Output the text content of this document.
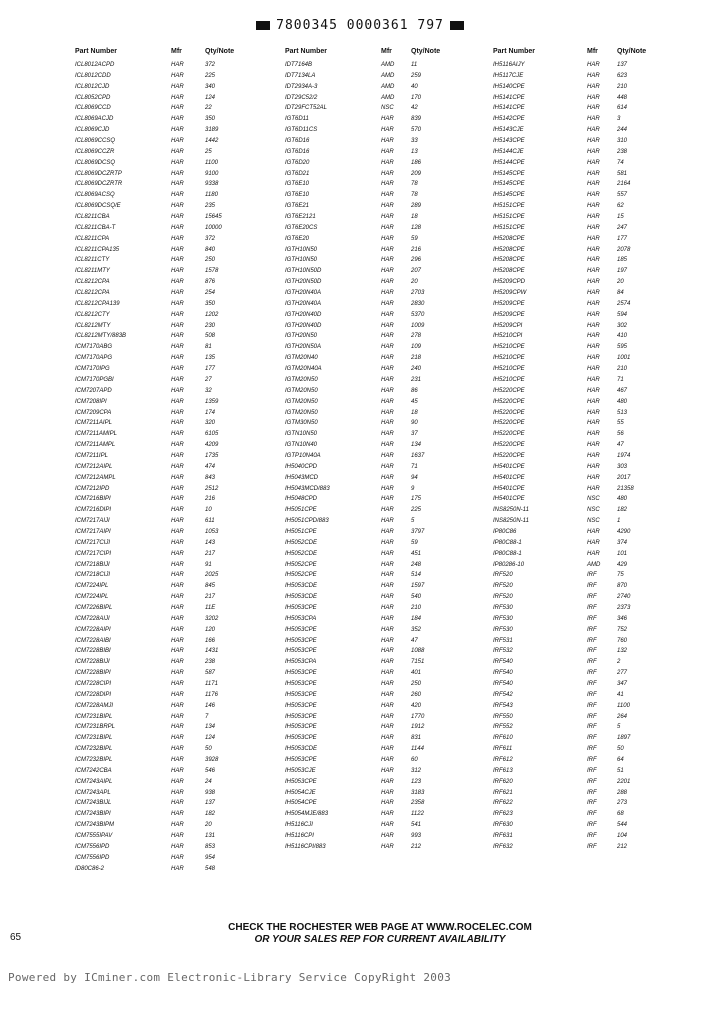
7800345 0000361 797
Part Number	Mfr	Qty/Note
ICL8012ACPD	HAR	372
ICL8012CDD	HAR	225
ICL8012CJD	HAR	340
ICL8052CPD	HAR	124
ICL8069CCD	HAR	22
ICL8069ACJD	HAR	350
ICL8069CJD	HAR	3189
ICL8069CCSQ	HAR	1442
ICL8069CCZR	HAR	25
ICL8069DCSQ	HAR	1100
ICL8069DCZRTP	HAR	9100
ICL8069DCZRTR	HAR	9338
ICL8069ACSQ	HAR	1180
ICL8069DCSQ/E	HAR	235
ICL8211CBA	HAR	15645
ICL8211CBA-T	HAR	10000
ICL8211CPA	HAR	372
ICL8211CPA135	HAR	840
ICL8211CTY	HAR	250
ICL8211MTY	HAR	1578
ICL8212CPA	HAR	876
ICL8212CPA	HAR	254
ICL8212CPA139	HAR	350
ICL8212CTY	HAR	1202
ICL8212MTY	HAR	230
ICL8212MTY/883B	HAR	508
ICM7170ABG	HAR	81
ICM7170APG	HAR	135
ICM7170IPG	HAR	177
ICM7170PGBI	HAR	27
ICM7207APD	HAR	32
ICM7208IPI	HAR	1359
ICM7209CPA	HAR	174
ICM7211AIPL	HAR	320
ICM7211AMIPL	HAR	6105
ICM7211AMPL	HAR	4209
ICM7211IPL	HAR	1735
ICM7212AIPL	HAR	474
ICM7212AMPL	HAR	843
ICM7212IPD	HAR	2512
ICM7216BIPI	HAR	216
ICM7216DIPI	HAR	10
ICM7217AIJI	HAR	611
ICM7217AIPI	HAR	1053
ICM7217CIJI	HAR	143
ICM7217CIPI	HAR	217
ICM7218BIJI	HAR	91
ICM7218CIJI	HAR	2025
ICM7224IPL	HAR	845
ICM7224IPL	HAR	217
ICM7226BIPL	HAR	11E
ICM7228AIJI	HAR	3202
ICM7228AIPI	HAR	120
ICM7228AIBI	HAR	166
ICM7228BIBI	HAR	1431
ICM7228BIJI	HAR	238
ICM7228BIPI	HAR	587
ICM7228CIPI	HAR	1171
ICM7228DIPI	HAR	1176
ICM7228AMJI	HAR	146
ICM7231BIPL	HAR	7
ICM7231BRPL	HAR	134
ICM7231BIPL	HAR	124
ICM7232BIPL	HAR	50
ICM7232BIPL	HAR	3928
ICM7242CBA	HAR	546
ICM7243AIPL	HAR	24
ICM7243APL	HAR	938
ICM7243BIJL	HAR	137
ICM7243BIPI	HAR	182
ICM7243BIPM	HAR	20
ICM7555IPAV	HAR	131
ICM7556IPD	HAR	853
ICM7556IPD	HAR	954
ID80C86-2	HAR	548
Part Number	Mfr	Qty/Note
IDT7164B	AMD	11
IDT7134LA	AMD	259
IDT2934A-3	AMD	40
IDT29C52/2	AMD	170
IDT29FCT52AL	NSC	42
IGT6D11	HAR	839
IGT6D11CS	HAR	570
IGT6D16	HAR	33
IGT6D16	HAR	13
IGT6D20	HAR	186
IGT6D21	HAR	209
IGT6E10	HAR	78
IGT6E10	HAR	78
IGT6E21	HAR	289
IGT6E2121	HAR	18
IGT6E20CS	HAR	128
IGT6E20	HAR	59
IGTH10N50	HAR	216
IGTH10N50	HAR	296
IGTH10N50D	HAR	207
IGTH20N50D	HAR	20
IGTH20N40A	HAR	2703
IGTH20N40A	HAR	2830
IGTH20N40D	HAR	5370
IGTH20N40D	HAR	1009
IGTH20N50	HAR	278
IGTH20N50A	HAR	109
IGTM20N40	HAR	218
IGTM20N40A	HAR	240
IGTM20N50	HAR	231
IGTM20N50	HAR	86
IGTM20N50	HAR	45
IGTM20N50	HAR	18
IGTM30N50	HAR	90
IGTN10N50	HAR	37
IGTN10N40	HAR	134
IGTP10N40A	HAR	1637
IH5040CPD	HAR	71
IH5043MCD	HAR	94
IH5043MCD/883	HAR	9
IH5048CPD	HAR	175
IH5051CPE	HAR	225
IH5051CPD/883	HAR	5
IH5051CPE	HAR	3797
IH5052CDE	HAR	59
IH5052CDE	HAR	451
IH5052CPE	HAR	248
IH5052CPE	HAR	514
IH5053CDE	HAR	1597
IH5053CDE	HAR	540
IH5053CPE	HAR	210
IH5053CPA	HAR	184
IH5053CPE	HAR	352
IH5053CPE	HAR	47
IH5053CPE	HAR	1088
IH5053CPA	HAR	7151
IH5053CPE	HAR	401
IH5053CPE	HAR	250
IH5053CPE	HAR	260
IH5053CPE	HAR	420
IH5053CPE	HAR	1770
IH5053CPE	HAR	1912
IH5053CPE	HAR	831
IH5053CDE	HAR	1144
IH5053CPE	HAR	60
IH5053CJE	HAR	312
IH5053CPE	HAR	123
IH5054CJE	HAR	3183
IH5054CPE	HAR	2358
IH5054MJE/883	HAR	1122
IH5116CJI	HAR	541
IH5116CPI	HAR	993
IH5116CPI/883	HAR	212
Part Number	Mfr	Qty/Note
IH5116AIJY	HAR	137
IH5117CJE	HAR	623
IH5140CPE	HAR	210
IH5141CPE	HAR	448
IH5141CPE	HAR	614
IH5142CPE	HAR	3
IH5143CJE	HAR	244
IH5143CPE	HAR	310
IH5144CJE	HAR	238
IH5144CPE	HAR	74
IH5145CPE	HAR	581
IH5145CPE	HAR	2164
IH5145CPE	HAR	557
IH5151CPE	HAR	62
IH5151CPE	HAR	15
IH5151CPE	HAR	247
IH5208CPE	HAR	177
IH5208CPE	HAR	2078
IH5208CPE	HAR	185
IH5208CPE	HAR	197
IH5209CPD	HAR	20
IH5209CPW	HAR	84
IH5209CPE	HAR	2574
IH5209CPE	HAR	594
IH5209CPI	HAR	302
IH5210CPI	HAR	410
IH5210CPE	HAR	595
IH5210CPE	HAR	1001
IH5210CPE	HAR	210
IH5210CPE	HAR	71
IH5220CPE	HAR	467
IH5220CPE	HAR	480
IH5220CPE	HAR	513
IH5220CPE	HAR	55
IH5220CPE	HAR	56
IH5220CPE	HAR	47
IH5220CPE	HAR	1974
IH5401CPE	HAR	303
IH5401CPE	HAR	2017
IH5401CPE	HAR	21358
IH5401CPE	NSC	480
INS8250N-11	NSC	182
INS8250N-11	NSC	1
IP80C86	HAR	4290
IP80C88-1	HAR	374
IP80C88-1	HAR	101
IP80286-10	AMD	429
IRF520	IRF	75
IRF520	IRF	870
IRF520	IRF	2740
IRF530	IRF	2373
IRF530	IRF	346
IRF530	IRF	752
IRF531	IRF	760
IRF532	IRF	132
IRF540	IRF	2
IRF540	IRF	277
IRF540	IRF	347
IRF542	IRF	41
IRF543	IRF	1100
IRF550	IRF	264
IRF552	IRF	5
IRF610	IRF	1897
IRF611	IRF	50
IRF612	IRF	64
IRF613	IRF	51
IRF620	IRF	2201
IRF621	IRF	288
IRF622	IRF	273
IRF623	IRF	68
IRF630	IRF	544
IRF631	IRF	104
IRF632	IRF	212
65
CHECK THE ROCHESTER WEB PAGE AT WWW.ROCELEC.COM
OR YOUR SALES REP FOR CURRENT AVAILABILITY
Powered by ICminer.com Electronic-Library Service CopyRight 2003
